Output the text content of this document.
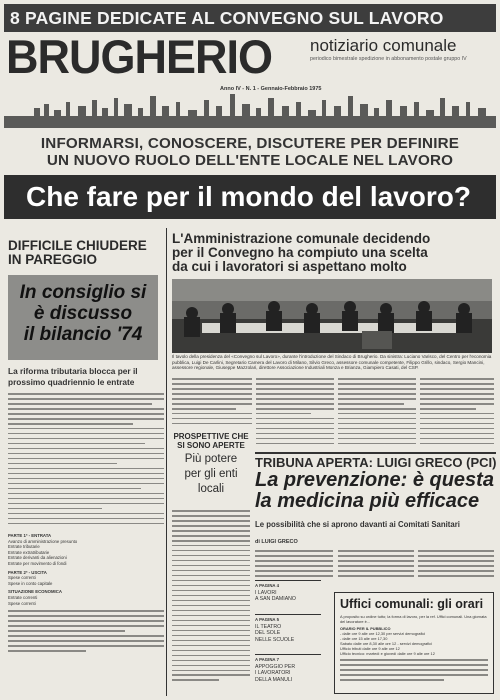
8 PAGINE DEDICATE AL CONVEGNO SUL LAVORO
BRUGHERIO notiziario comunale
periodico bimestrale spedizione in abbonamento postale gruppo IV
Anno IV - N. 1 - Gennaio-Febbraio 1975
INFORMARSI, CONOSCERE, DISCUTERE PER DEFINIRE
UN NUOVO RUOLO DELL'ENTE LOCALE NEL LAVORO
Che fare per il mondo del lavoro?
DIFFICILE CHIUDERE
IN PAREGGIO
In consiglio si
è discusso
il bilancio '74
La riforma tributaria blocca per il prossimo quadriennio le entrate
PARTE 1ª - ENTRATA
Avanzo di amministrazione presunto
Entrate tributarie
Entrate extratributarie
Entrate derivanti da alienazioni
Entrate per movimento di fondi
PARTE 2ª - USCITA
Spese correnti
Spese in conto capitale
SITUAZIONE ECONOMICA
Entrate correnti
Spese correnti
L'Amministrazione comunale decidendo
per il Convegno ha compiuto una scelta
da cui i lavoratori si aspettano molto
Il tavolo della presidenza del «Convegno sul Lavoro», durante l'introduzione del Sindaco di Brugherio. Da sinistra: Luciano Varisco, del Centro per l'economia pubblica, Luigi De Carlini, Segretario Camera del Lavoro di Milano, Silvio Greco, assessore comunale competente, Filippo Grillo, sindaco, Sergio Mancini, assessore regionale, Giuseppe Mazzolari, direttore Associazione Industriali Monza e Brianza, Giampiero Casati, del CSP.
PROSPETTIVE CHE
SI SONO APERTE
Più potere
per gli enti
locali
TRIBUNA APERTA: LUIGI GRECO (PCI)
La prevenzione: è questa
la medicina più efficace
Le possibilità che si aprono davanti ai Comitati Sanitari
di LUIGI GRECO
A PAGINA 4
I LAVORI
A SAN DAMIANO
A PAGINA 5
IL TEATRO
DEL SOLE
NELLE SCUOLE
A PAGINA 7
APPOGGIO PER
I LAVORATORI
DELLA MANULI
Uffici comunali: gli orari

A proposito su ordine tutto; la forma di lavoro, per la ref. Uffici comunali. Una giornata del lavoratore è...

ORARIO PER IL PUBBLICO

- dalle ore 9 alle ore 12,30 per servizi demografici

- dalle ore 15 alle ore 17,30

Sabato dalle ore 8,30 alle ore 12 - servizi demografici

Ufficio tributi dalle ore 9 alle ore 12

Ufficio tecnico: martedì e giovedì dalle ore 9 alle ore 12
